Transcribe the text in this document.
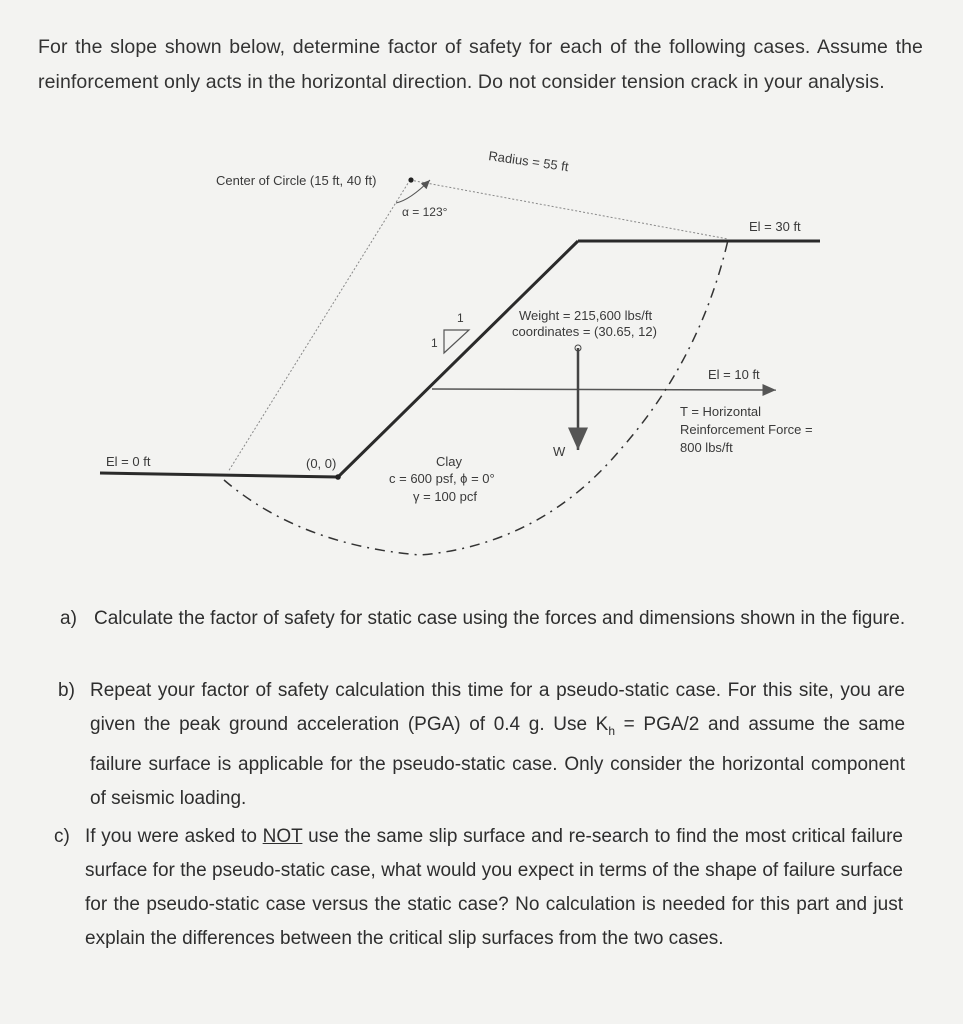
For the slope shown below, determine factor of safety for each of the following cases. Assume the reinforcement only acts in the horizontal direction. Do not consider tension crack in your analysis.
Center of Circle (15 ft, 40 ft)
Radius = 55 ft
α = 123°
El = 30 ft
El = 10 ft
El = 0 ft	(0, 0)
1
1	Weight = 215,600 lbs/ft
coordinates = (30.65, 12)
W
T = Horizontal
Reinforcement Force =
800 lbs/ft
Clay
c = 600 psf, ϕ = 0°
γ = 100 pcf
a) Calculate the factor of safety for static case using the forces and dimensions shown in the figure.
b) Repeat your factor of safety calculation this time for a pseudo-static case. For this site, you are given the peak ground acceleration (PGA) of 0.4 g. Use $K_h = PGA/2$ and assume the same failure surface is applicable for the pseudo-static case. Only consider the horizontal component of seismic loading.
c) If you were asked to NOT use the same slip surface and re-search to find the most critical failure surface for the pseudo-static case, what would you expect in terms of the shape of failure surface for the pseudo-static case versus the static case? No calculation is needed for this part and just explain the differences between the critical slip surfaces from the two cases.
